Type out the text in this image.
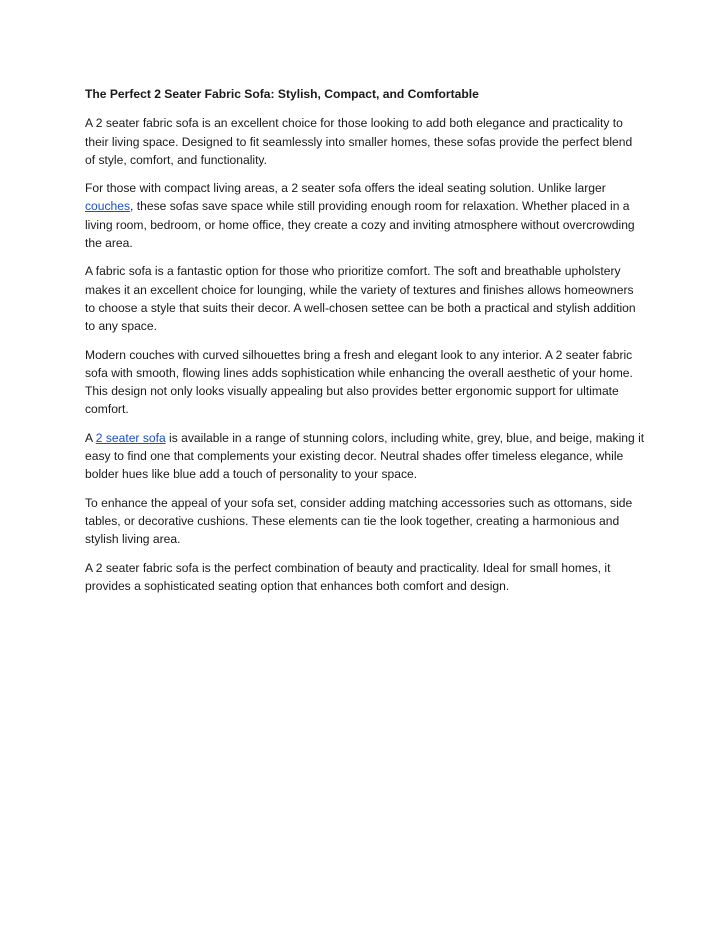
The Perfect 2 Seater Fabric Sofa: Stylish, Compact, and Comfortable

A 2 seater fabric sofa is an excellent choice for those looking to add both elegance and practicality to their living space. Designed to fit seamlessly into smaller homes, these sofas provide the perfect blend of style, comfort, and functionality.

For those with compact living areas, a 2 seater sofa offers the ideal seating solution. Unlike larger couches, these sofas save space while still providing enough room for relaxation. Whether placed in a living room, bedroom, or home office, they create a cozy and inviting atmosphere without overcrowding the area.

A fabric sofa is a fantastic option for those who prioritize comfort. The soft and breathable upholstery makes it an excellent choice for lounging, while the variety of textures and finishes allows homeowners to choose a style that suits their decor. A well-chosen settee can be both a practical and stylish addition to any space.

Modern couches with curved silhouettes bring a fresh and elegant look to any interior. A 2 seater fabric sofa with smooth, flowing lines adds sophistication while enhancing the overall aesthetic of your home. This design not only looks visually appealing but also provides better ergonomic support for ultimate comfort.

A 2 seater sofa is available in a range of stunning colors, including white, grey, blue, and beige, making it easy to find one that complements your existing decor. Neutral shades offer timeless elegance, while bolder hues like blue add a touch of personality to your space.

To enhance the appeal of your sofa set, consider adding matching accessories such as ottomans, side tables, or decorative cushions. These elements can tie the look together, creating a harmonious and stylish living area.

A 2 seater fabric sofa is the perfect combination of beauty and practicality. Ideal for small homes, it provides a sophisticated seating option that enhances both comfort and design.
